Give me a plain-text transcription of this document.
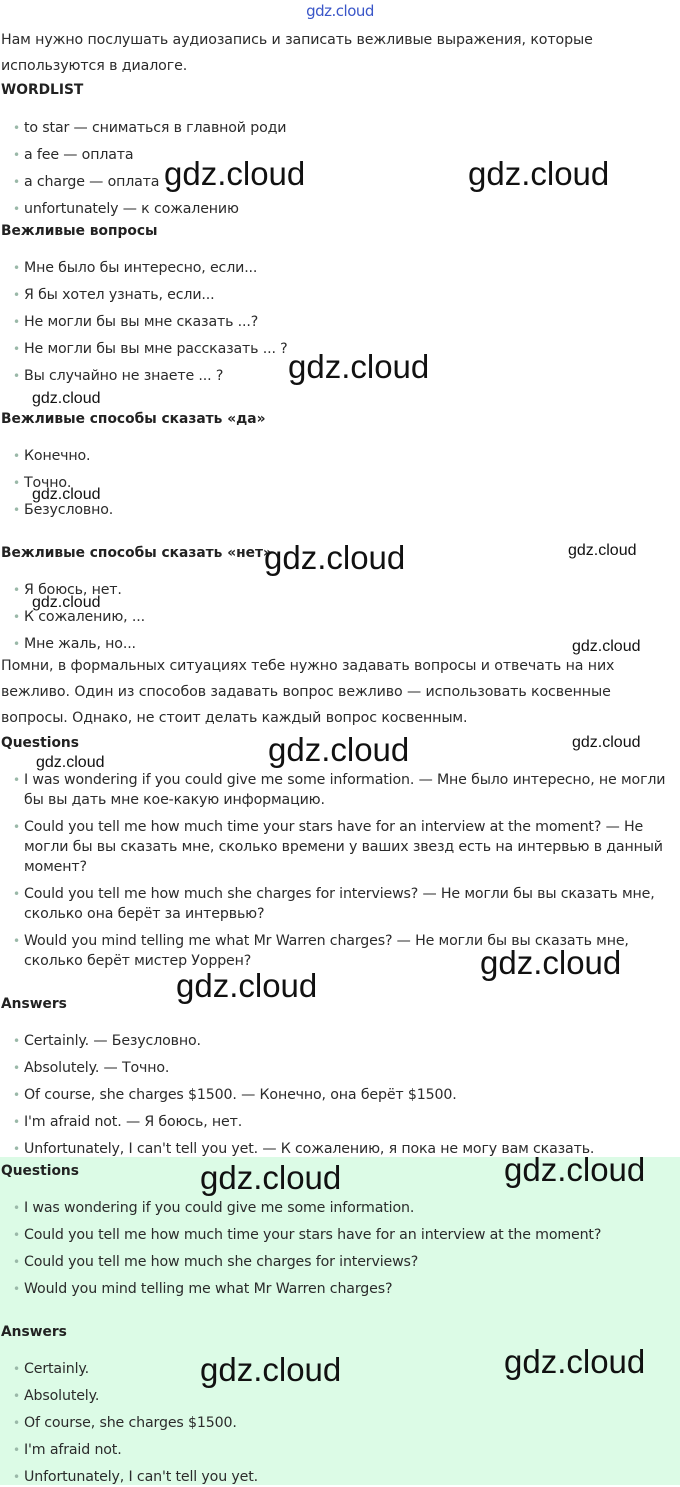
gdz.cloud
Нам нужно послушать аудиозапись и записать вежливые выражения, которые используются в диалоге.
WORDLIST
• to star — сниматься в главной роди
• a fee — оплата
• a charge — оплата
• unfortunately — к сожалению
Вежливые вопросы
• Мне было бы интересно, если...
• Я бы хотел узнать, если...
• Не могли бы вы мне сказать ...?
• Не могли бы вы мне рассказать ... ?
• Вы случайно не знаете ... ?
Вежливые способы сказать «да»
• Конечно.
• Точно.
• Безусловно.
Вежливые способы сказать «нет»
• Я боюсь, нет.
• К сожалению, ...
• Мне жаль, но...
Помни, в формальных ситуациях тебе нужно задавать вопросы и отвечать на них вежливо. Один из способов задавать вопрос вежливо — использовать косвенные вопросы. Однако, не стоит делать каждый вопрос косвенным.
Questions
• I was wondering if you could give me some information. — Мне было интересно, не могли бы вы дать мне кое-какую информацию.
• Could you tell me how much time your stars have for an interview at the moment? — Не могли бы вы сказать мне, сколько времени у ваших звезд есть на интервью в данный момент?
• Could you tell me how much she charges for interviews? — Не могли бы вы сказать мне, сколько она берёт за интервью?
• Would you mind telling me what Mr Warren charges? — Не могли бы вы сказать мне, сколько берёт мистер Уоррен?
Answers
• Certainly. — Безусловно.
• Absolutely. — Точно.
• Of course, she charges $1500. — Конечно, она берёт $1500.
• I'm afraid not. — Я боюсь, нет.
• Unfortunately, I can't tell you yet. — К сожалению, я пока не могу вам сказать.
Questions
• I was wondering if you could give me some information.
• Could you tell me how much time your stars have for an interview at the moment?
• Could you tell me how much she charges for interviews?
• Would you mind telling me what Mr Warren charges?
Answers
• Certainly.
• Absolutely.
• Of course, she charges $1500.
• I'm afraid not.
• Unfortunately, I can't tell you yet.
gdz.cloud	gdz.cloud
gdz.cloud
gdz.cloud
gdz.cloud
gdz.cloud	gdz.cloud
gdz.cloud
gdz.cloud
gdz.cloud	gdz.cloud
gdz.cloud
gdz.cloud
gdz.cloud
gdz.cloud	gdz.cloud
gdz.cloud	gdz.cloud
